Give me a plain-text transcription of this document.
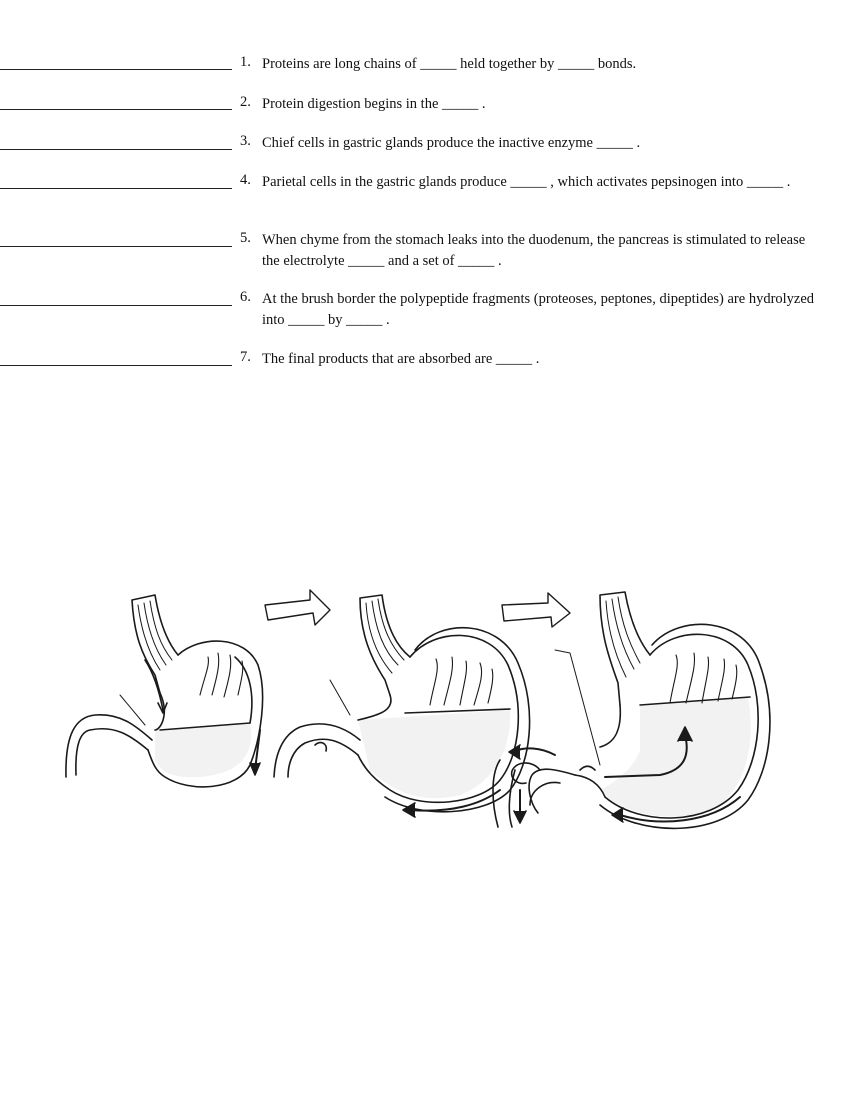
1. Proteins are long chains of _____ held together by _____ bonds.
2. Protein digestion begins in the _____ .
3. Chief cells in gastric glands produce the inactive enzyme _____ .
4. Parietal cells in the gastric glands produce _____ , which activates pepsinogen into _____ .
5. When chyme from the stomach leaks into the duodenum, the pancreas is stimulated to release the electrolyte _____ and a set of _____ .
6. At the brush border the polypeptide fragments (proteoses, peptones, dipeptides) are hydrolyzed into _____ by _____ .
7. The final products that are absorbed are _____ .
